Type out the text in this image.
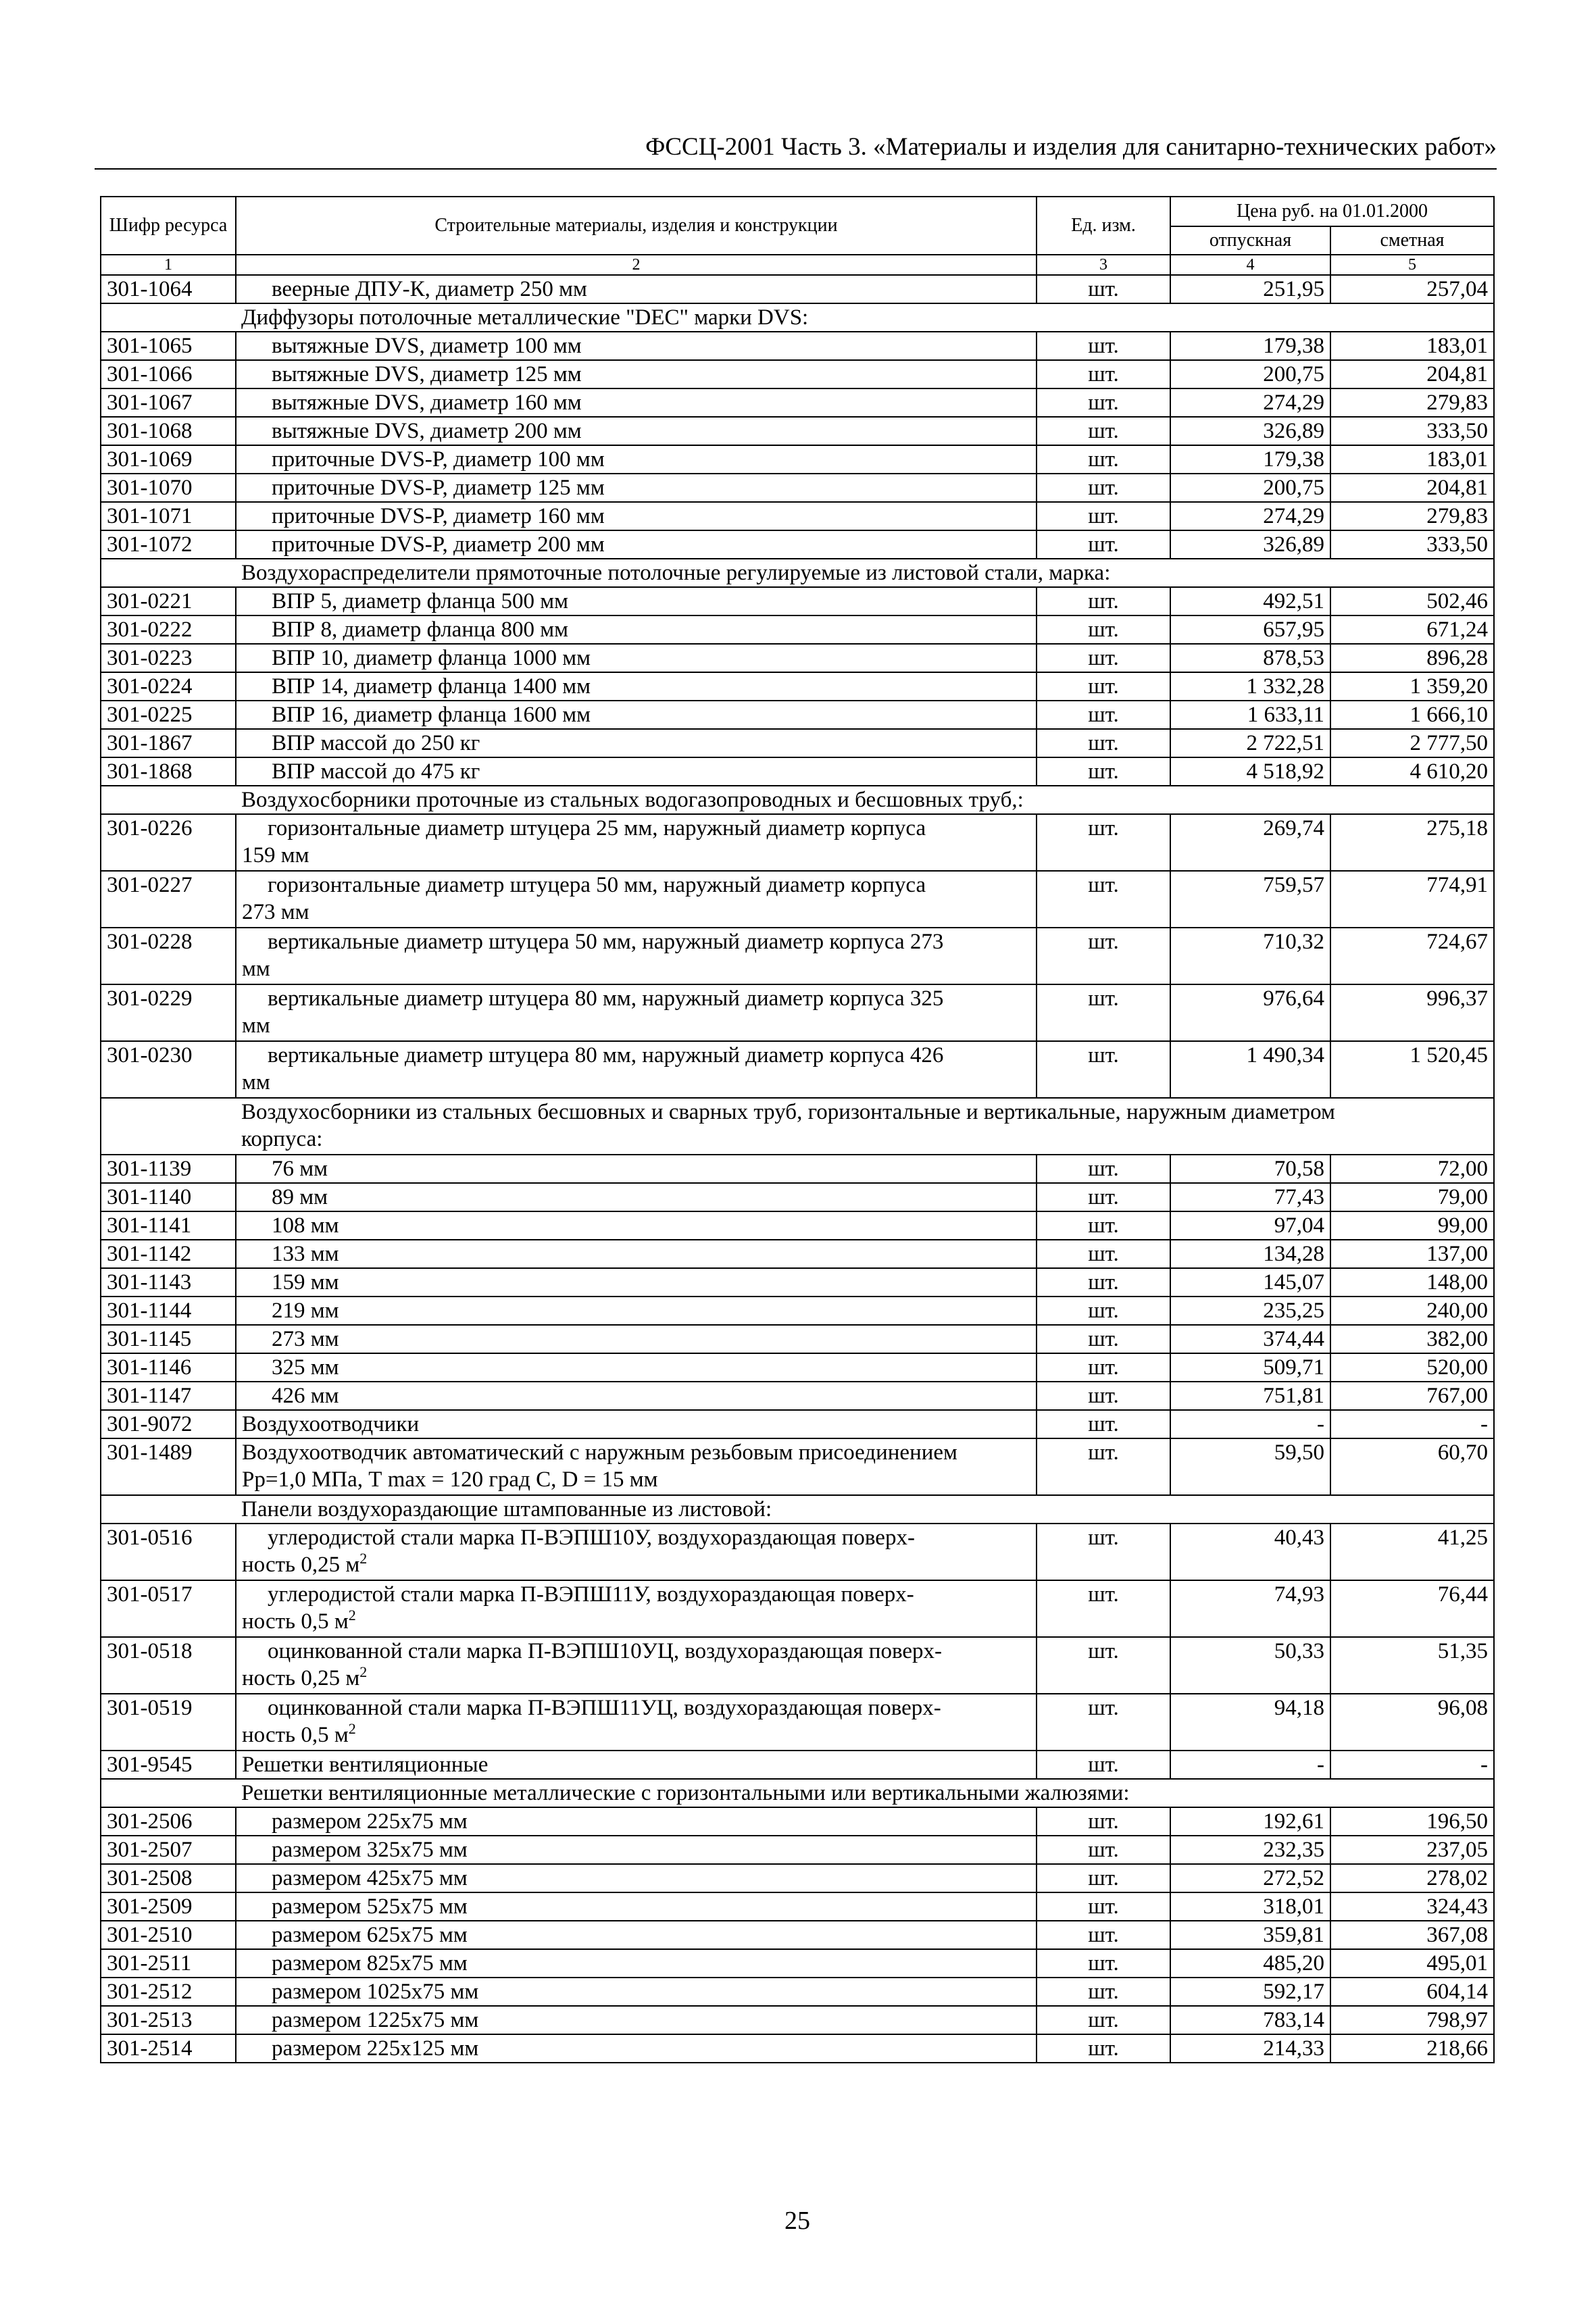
ФССЦ-2001 Часть 3. «Материалы и изделия для санитарно-технических работ»
Шифр ресурса	Строительные материалы, изделия и конструкции	Ед. изм.	Цена руб. на 01.01.2000	
			отпускная	сметная
1	2	3	4	5
301-1064	веерные ДПУ-К, диаметр 250 мм	шт.	251,95	257,04
	Диффузоры потолочные металлические "DEC" марки DVS:			
301-1065	вытяжные DVS, диаметр 100 мм	шт.	179,38	183,01
301-1066	вытяжные DVS, диаметр 125 мм	шт.	200,75	204,81
301-1067	вытяжные DVS, диаметр 160 мм	шт.	274,29	279,83
301-1068	вытяжные DVS, диаметр 200 мм	шт.	326,89	333,50
301-1069	приточные DVS-P, диаметр 100 мм	шт.	179,38	183,01
301-1070	приточные DVS-P, диаметр 125 мм	шт.	200,75	204,81
301-1071	приточные DVS-P, диаметр 160 мм	шт.	274,29	279,83
301-1072	приточные DVS-P, диаметр 200 мм	шт.	326,89	333,50
	Воздухораспределители прямоточные потолочные регулируемые из листовой стали, марка:			
301-0221	ВПР 5, диаметр фланца 500 мм	шт.	492,51	502,46
301-0222	ВПР 8, диаметр фланца 800 мм	шт.	657,95	671,24
301-0223	ВПР 10, диаметр фланца 1000 мм	шт.	878,53	896,28
301-0224	ВПР 14, диаметр фланца 1400 мм	шт.	1 332,28	1 359,20
301-0225	ВПР 16, диаметр фланца 1600 мм	шт.	1 633,11	1 666,10
301-1867	ВПР массой до 250 кг	шт.	2 722,51	2 777,50
301-1868	ВПР массой до 475 кг	шт.	4 518,92	4 610,20
	Воздухосборники проточные из стальных водогазопроводных и бесшовных труб,:			
301-0226	горизонтальные диаметр штуцера 25 мм, наружный диаметр корпуса
159 мм	шт.	269,74	275,18
301-0227	горизонтальные диаметр штуцера 50 мм, наружный диаметр корпуса
273 мм	шт.	759,57	774,91
301-0228	вертикальные диаметр штуцера 50 мм, наружный диаметр корпуса 273
мм	шт.	710,32	724,67
301-0229	вертикальные диаметр штуцера 80 мм, наружный диаметр корпуса 325
мм	шт.	976,64	996,37
301-0230	вертикальные диаметр штуцера 80 мм, наружный диаметр корпуса 426
мм	шт.	1 490,34	1 520,45
	Воздухосборники из стальных бесшовных и сварных труб, горизонтальные и вертикальные, наружным диаметром
корпуса:			
301-1139	76 мм	шт.	70,58	72,00
301-1140	89 мм	шт.	77,43	79,00
301-1141	108 мм	шт.	97,04	99,00
301-1142	133 мм	шт.	134,28	137,00
301-1143	159 мм	шт.	145,07	148,00
301-1144	219 мм	шт.	235,25	240,00
301-1145	273 мм	шт.	374,44	382,00
301-1146	325 мм	шт.	509,71	520,00
301-1147	426 мм	шт.	751,81	767,00
301-9072	Воздухоотводчики	шт.	-	-
301-1489	Воздухоотводчик автоматический с наружным резьбовым присоединением
Рр=1,0 МПа, Т max = 120 град С, D = 15 мм	шт.	59,50	60,70
	Панели воздухораздающие штампованные из листовой:			
301-0516	углеродистой стали марка П-ВЭПШ10У, воздухораздающая поверх-
ность 0,25 $м^2$	шт.	40,43	41,25
301-0517	углеродистой стали марка П-ВЭПШ11У, воздухораздающая поверх-
ность 0,5 $м^2$	шт.	74,93	76,44
301-0518	оцинкованной стали марка П-ВЭПШ10УЦ, воздухораздающая поверх-
ность 0,25 $м^2$	шт.	50,33	51,35
301-0519	оцинкованной стали марка П-ВЭПШ11УЦ, воздухораздающая поверх-
ность 0,5 $м^2$	шт.	94,18	96,08
301-9545	Решетки вентиляционные	шт.	-	-
	Решетки вентиляционные металлические с горизонтальными или вертикальными жалюзями:			
301-2506	размером 225х75 мм	шт.	192,61	196,50
301-2507	размером 325х75 мм	шт.	232,35	237,05
301-2508	размером 425х75 мм	шт.	272,52	278,02
301-2509	размером 525х75 мм	шт.	318,01	324,43
301-2510	размером 625х75 мм	шт.	359,81	367,08
301-2511	размером 825х75 мм	шт.	485,20	495,01
301-2512	размером 1025х75 мм	шт.	592,17	604,14
301-2513	размером 1225х75 мм	шт.	783,14	798,97
301-2514	размером 225х125 мм	шт.	214,33	218,66
25
